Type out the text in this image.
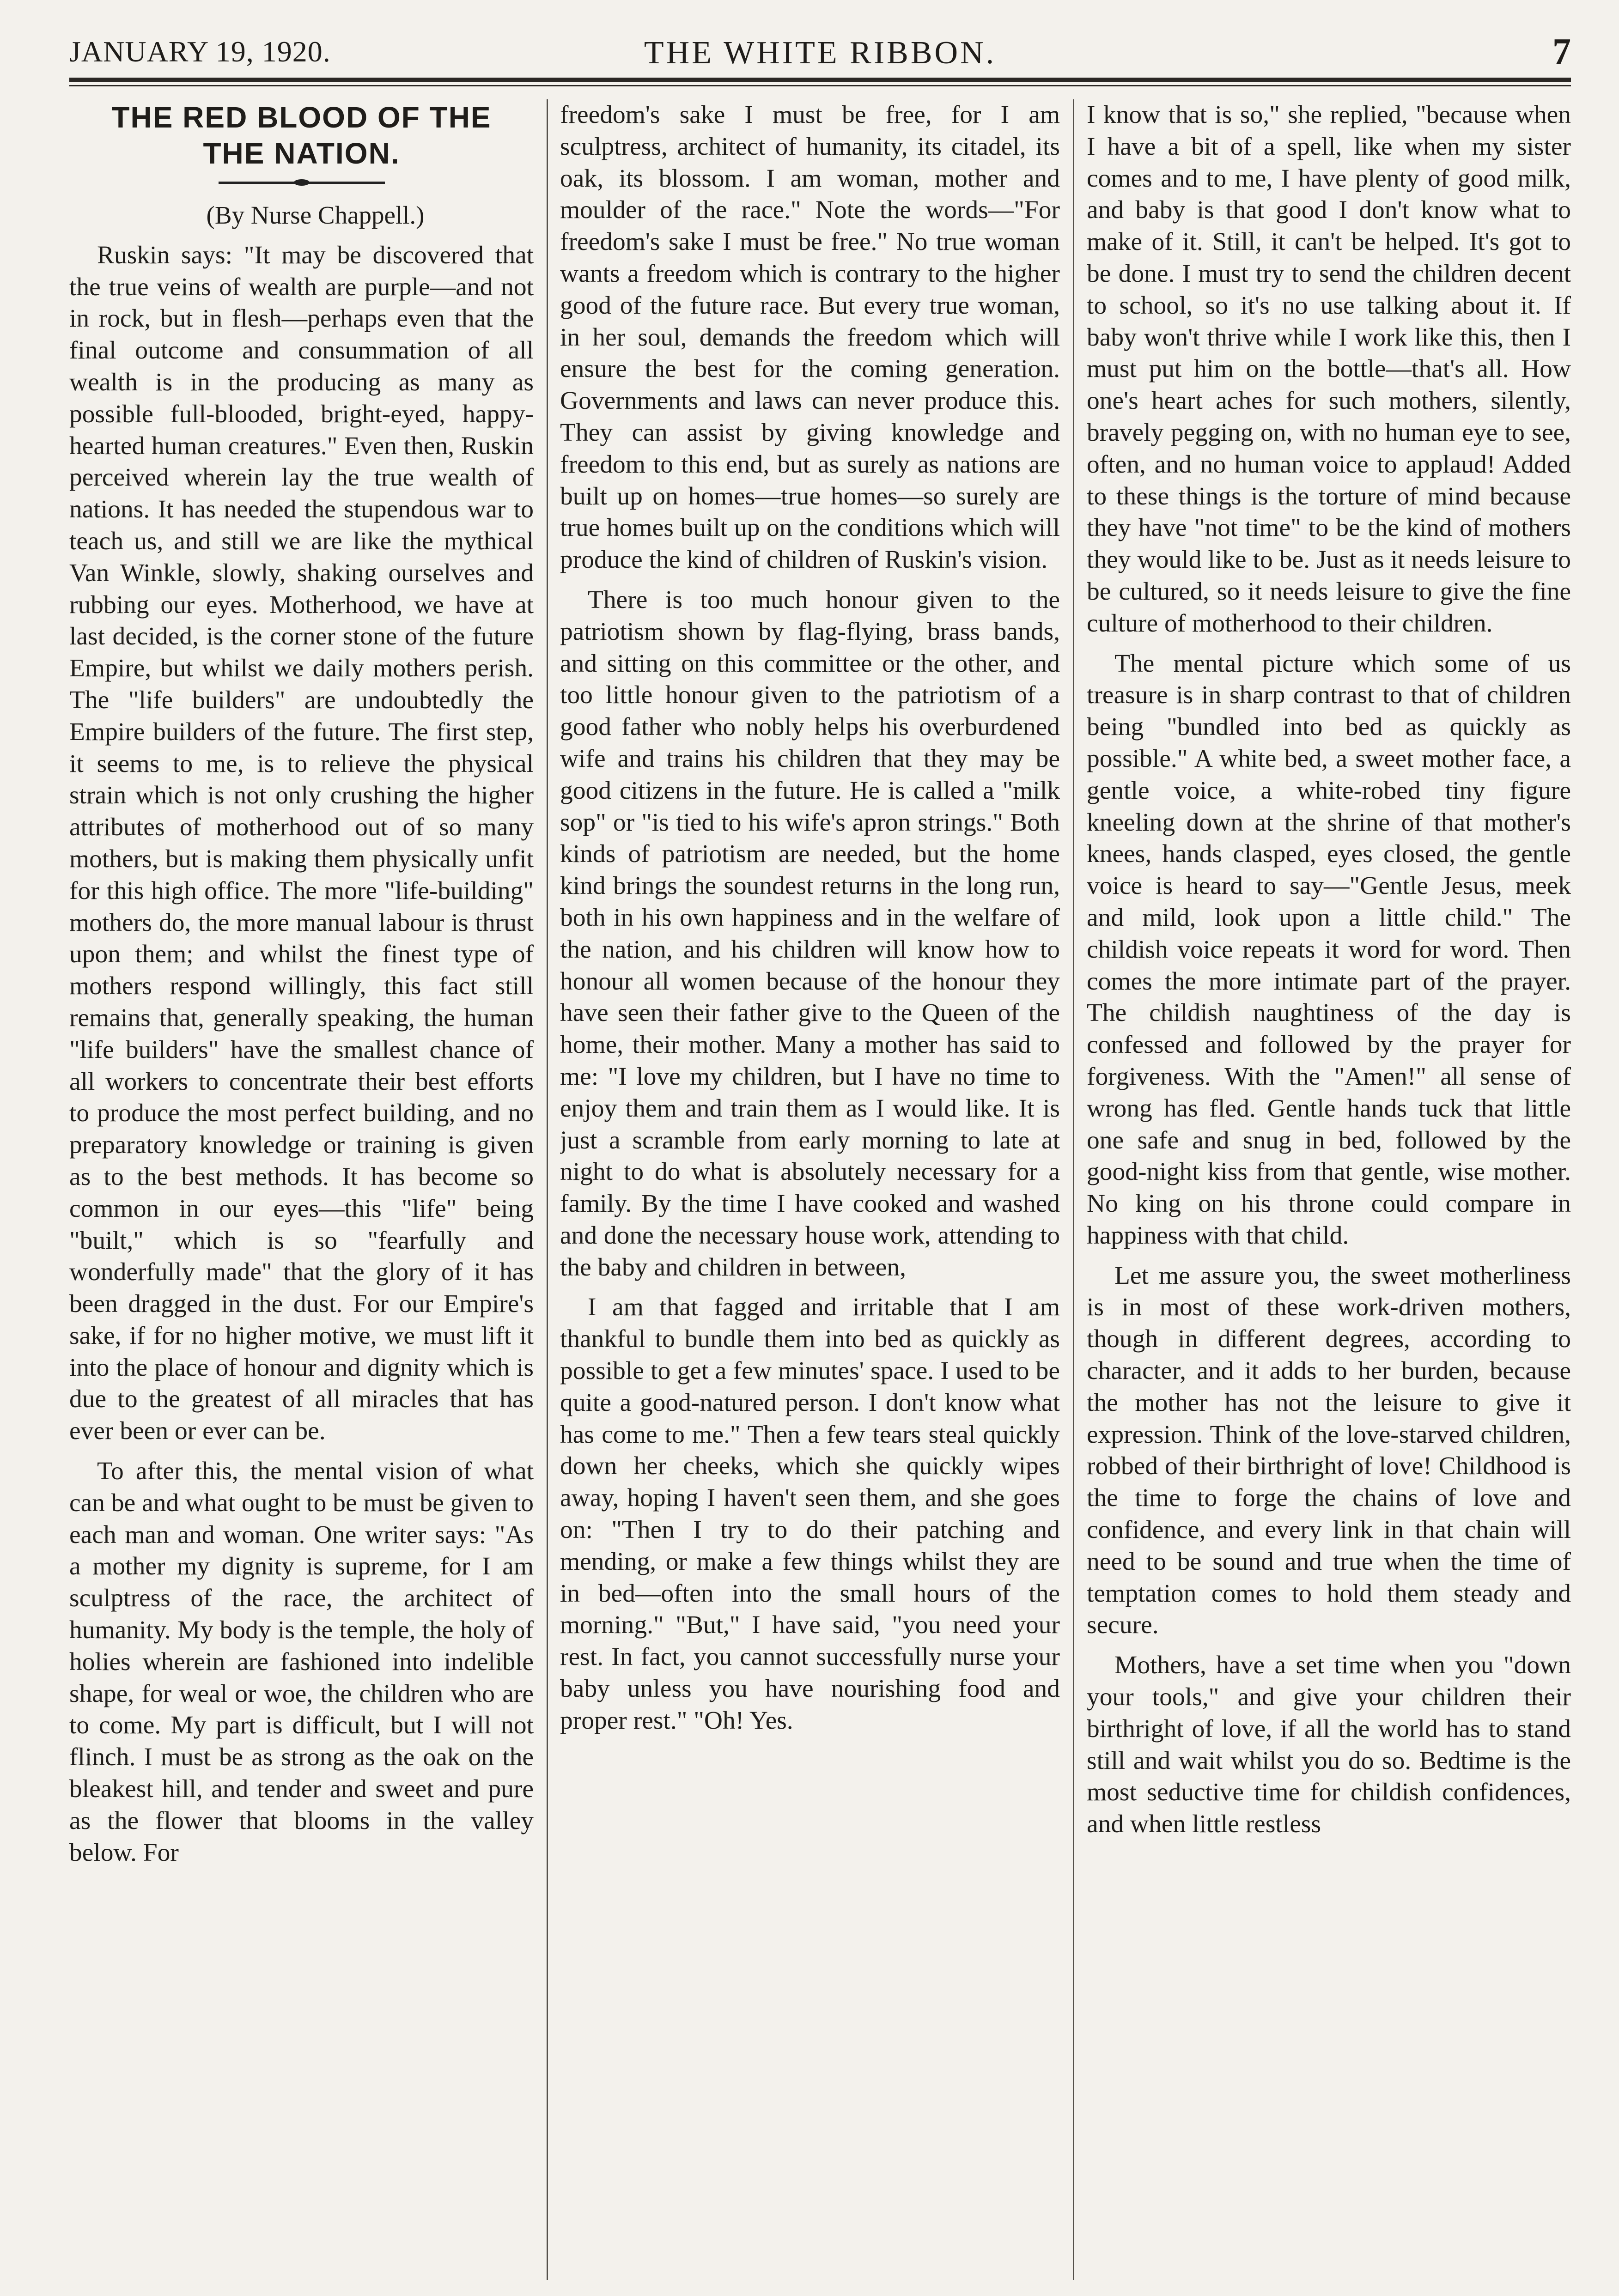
JANUARY 19, 1920.	THE WHITE RIBBON.	7
THE RED BLOOD OF THE
THE NATION.

(By Nurse Chappell.)

Ruskin says: "It may be discovered that the true veins of wealth are purple—and not in rock, but in flesh—perhaps even that the final outcome and consummation of all wealth is in the producing as many as possible full-blooded, bright-eyed, happy-hearted human creatures." Even then, Ruskin perceived wherein lay the true wealth of nations. It has needed the stupendous war to teach us, and still we are like the mythical Van Winkle, slowly, shaking ourselves and rubbing our eyes. Motherhood, we have at last decided, is the corner stone of the future Empire, but whilst we daily mothers perish. The "life builders" are undoubtedly the Empire builders of the future. The first step, it seems to me, is to relieve the physical strain which is not only crushing the higher attributes of motherhood out of so many mothers, but is making them physically unfit for this high office. The more "life-building" mothers do, the more manual labour is thrust upon them; and whilst the finest type of mothers respond willingly, this fact still remains that, generally speaking, the human "life builders" have the smallest chance of all workers to concentrate their best efforts to produce the most perfect building, and no preparatory knowledge or training is given as to the best methods. It has become so common in our eyes—this "life" being "built," which is so "fearfully and wonderfully made" that the glory of it has been dragged in the dust. For our Empire's sake, if for no higher motive, we must lift it into the place of honour and dignity which is due to the greatest of all miracles that has ever been or ever can be.

To after this, the mental vision of what can be and what ought to be must be given to each man and woman. One writer says: "As a mother my dignity is supreme, for I am sculptress of the race, the architect of humanity. My body is the temple, the holy of holies wherein are fashioned into indelible shape, for weal or woe, the children who are to come. My part is difficult, but I will not flinch. I must be as strong as the oak on the bleakest hill, and tender and sweet and pure as the flower that blooms in the valley below. For

freedom's sake I must be free, for I am sculptress, architect of humanity, its citadel, its oak, its blossom. I am woman, mother and moulder of the race." Note the words—"For freedom's sake I must be free." No true woman wants a freedom which is contrary to the higher good of the future race. But every true woman, in her soul, demands the freedom which will ensure the best for the coming generation. Governments and laws can never produce this. They can assist by giving knowledge and freedom to this end, but as surely as nations are built up on homes—true homes—so surely are true homes built up on the conditions which will produce the kind of children of Ruskin's vision.

There is too much honour given to the patriotism shown by flag-flying, brass bands, and sitting on this committee or the other, and too little honour given to the patriotism of a good father who nobly helps his overburdened wife and trains his children that they may be good citizens in the future. He is called a "milk sop" or "is tied to his wife's apron strings." Both kinds of patriotism are needed, but the home kind brings the soundest returns in the long run, both in his own happiness and in the welfare of the nation, and his children will know how to honour all women because of the honour they have seen their father give to the Queen of the home, their mother. Many a mother has said to me: "I love my children, but I have no time to enjoy them and train them as I would like. It is just a scramble from early morning to late at night to do what is absolutely necessary for a family. By the time I have cooked and washed and done the necessary house work, attending to the baby and children in between,

I am that fagged and irritable that I am thankful to bundle them into bed as quickly as possible to get a few minutes' space. I used to be quite a good-natured person. I don't know what has come to me." Then a few tears steal quickly down her cheeks, which she quickly wipes away, hoping I haven't seen them, and she goes on: "Then I try to do their patching and mending, or make a few things whilst they are in bed—often into the small hours of the morning." "But," I have said, "you need your rest. In fact, you cannot successfully nurse your baby unless you have nourishing food and proper rest." "Oh! Yes.

I know that is so," she replied, "because when I have a bit of a spell, like when my sister comes and to me, I have plenty of good milk, and baby is that good I don't know what to make of it. Still, it can't be helped. It's got to be done. I must try to send the children decent to school, so it's no use talking about it. If baby won't thrive while I work like this, then I must put him on the bottle—that's all. How one's heart aches for such mothers, silently, bravely pegging on, with no human eye to see, often, and no human voice to applaud! Added to these things is the torture of mind because they have "not time" to be the kind of mothers they would like to be. Just as it needs leisure to be cultured, so it needs leisure to give the fine culture of motherhood to their children.

The mental picture which some of us treasure is in sharp contrast to that of children being "bundled into bed as quickly as possible." A white bed, a sweet mother face, a gentle voice, a white-robed tiny figure kneeling down at the shrine of that mother's knees, hands clasped, eyes closed, the gentle voice is heard to say—"Gentle Jesus, meek and mild, look upon a little child." The childish voice repeats it word for word. Then comes the more intimate part of the prayer. The childish naughtiness of the day is confessed and followed by the prayer for forgiveness. With the "Amen!" all sense of wrong has fled. Gentle hands tuck that little one safe and snug in bed, followed by the good-night kiss from that gentle, wise mother. No king on his throne could compare in happiness with that child.

Let me assure you, the sweet motherliness is in most of these work-driven mothers, though in different degrees, according to character, and it adds to her burden, because the mother has not the leisure to give it expression. Think of the love-starved children, robbed of their birthright of love! Childhood is the time to forge the chains of love and confidence, and every link in that chain will need to be sound and true when the time of temptation comes to hold them steady and secure.

Mothers, have a set time when you "down your tools," and give your children their birthright of love, if all the world has to stand still and wait whilst you do so. Bedtime is the most seductive time for childish confidences, and when little restless
